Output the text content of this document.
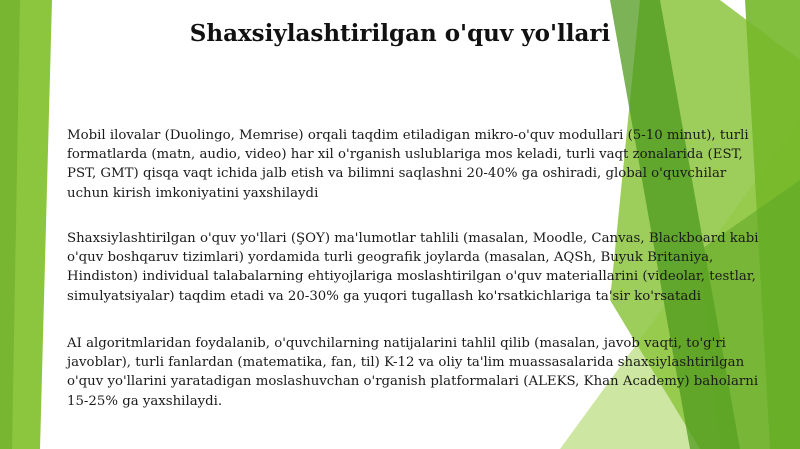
Shaxsiylashtirilgan o'quv yo'llari

Mobil ilovalar (Duolingo, Memrise) orqali taqdim etiladigan mikro-o'quv modullari (5-10 minut), turli formatlarda (matn, audio, video) har xil o'rganish uslublariga mos keladi, turli vaqt zonalarida (EST, PST, GMT) qisqa vaqt ichida jalb etish va bilimni saqlashni 20-40% ga oshiradi, global o'quvchilar uchun kirish imkoniyatini yaxshilaydi

Shaxsiylashtirilgan o'quv yo'llari (ŞOY) ma'lumotlar tahlili (masalan, Moodle, Canvas, Blackboard kabi o'quv boshqaruv tizimlari) yordamida turli geografik joylarda (masalan, AQSh, Buyuk Britaniya, Hindiston) individual talabalarning ehtiyojlariga moslashtirilgan o'quv materiallarini (videolar, testlar, simulyatsiyalar) taqdim etadi va 20-30% ga yuqori tugallash ko'rsatkichlariga ta'sir ko'rsatadi

AI algoritmlaridan foydalanib, o'quvchilarning natijalarini tahlil qilib (masalan, javob vaqti, to'g'ri javoblar), turli fanlardan (matematika, fan, til) K-12 va oliy ta'lim muassasalarida shaxsiylashtirilgan o'quv yo'llarini yaratadigan moslashuvchan o'rganish platformalari (ALEKS, Khan Academy) baholarni 15-25% ga yaxshilaydi.
